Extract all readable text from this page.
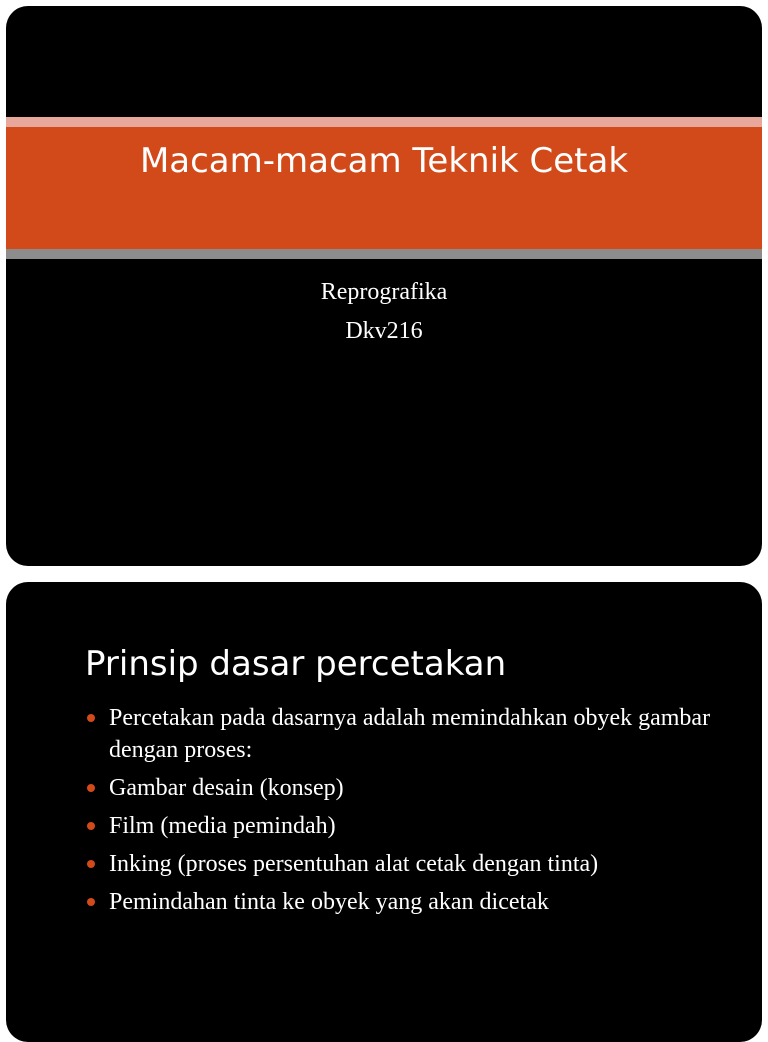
Macam-macam Teknik Cetak
Reprografika
Dkv216
Prinsip dasar percetakan
Percetakan pada dasarnya adalah memindahkan obyek gambar dengan proses:
Gambar desain (konsep)
Film (media pemindah)
Inking (proses persentuhan alat cetak dengan tinta)
Pemindahan tinta ke obyek yang akan dicetak
